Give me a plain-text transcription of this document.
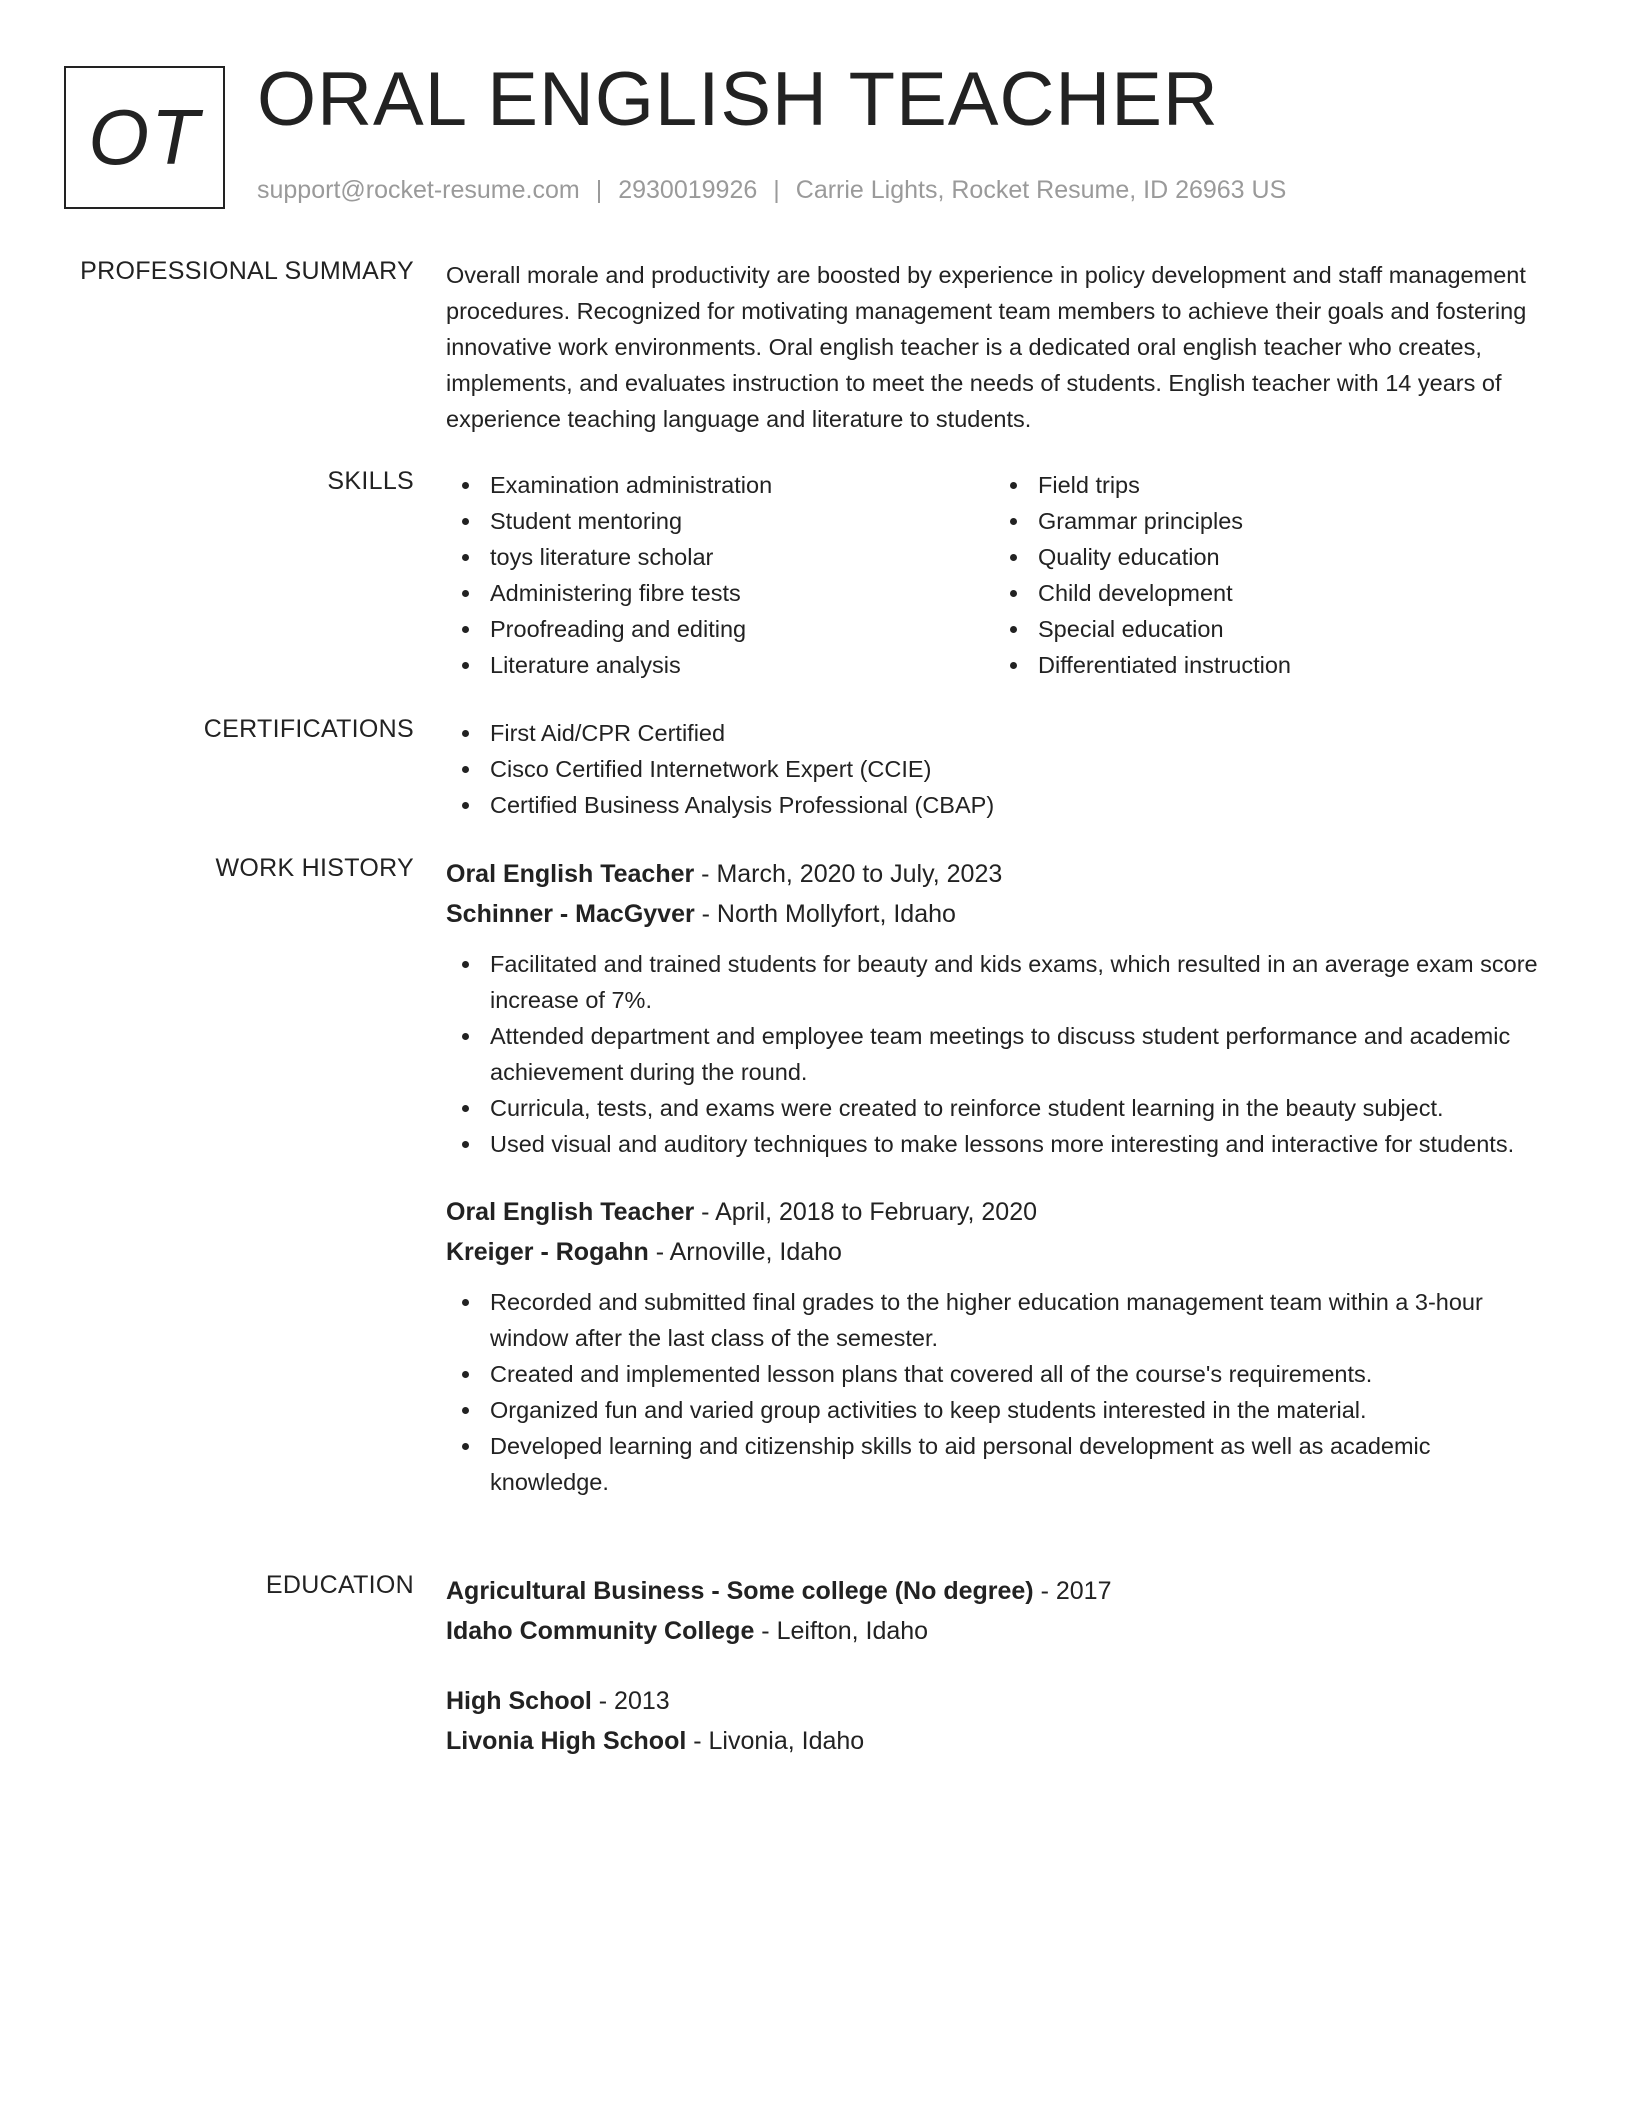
OT ORAL ENGLISH TEACHER
support@rocket-resume.com | 2930019926 | Carrie Lights, Rocket Resume, ID 26963 US
PROFESSIONAL SUMMARY Overall morale and productivity are boosted by experience in policy development and staff management procedures. Recognized for motivating management team members to achieve their goals and fostering innovative work environments. Oral english teacher is a dedicated oral english teacher who creates, implements, and evaluates instruction to meet the needs of students. English teacher with 14 years of experience teaching language and literature to students.
SKILLS	Examination administration
Student mentoring
toys literature scholar
Administering fibre tests
Proofreading and editing
Literature analysis
Field trips
Grammar principles
Quality education
Child development
Special education
Differentiated instruction
CERTIFICATIONS	First Aid/CPR Certified
Cisco Certified Internetwork Expert (CCIE)
Certified Business Analysis Professional (CBAP)
WORK HISTORY Oral English Teacher - March, 2020 to July, 2023
Schinner - MacGyver - North Mollyfort, Idaho
Facilitated and trained students for beauty and kids exams, which resulted in an average exam score increase of 7%.
Attended department and employee team meetings to discuss student performance and academic achievement during the round.
Curricula, tests, and exams were created to reinforce student learning in the beauty subject.
Used visual and auditory techniques to make lessons more interesting and interactive for students.
Oral English Teacher - April, 2018 to February, 2020
Kreiger - Rogahn - Arnoville, Idaho
Recorded and submitted final grades to the higher education management team within a 3-hour window after the last class of the semester.
Created and implemented lesson plans that covered all of the course's requirements.
Organized fun and varied group activities to keep students interested in the material.
Developed learning and citizenship skills to aid personal development as well as academic knowledge.
EDUCATION Agricultural Business - Some college (No degree) - 2017
Idaho Community College - Leifton, Idaho
High School - 2013
Livonia High School - Livonia, Idaho
